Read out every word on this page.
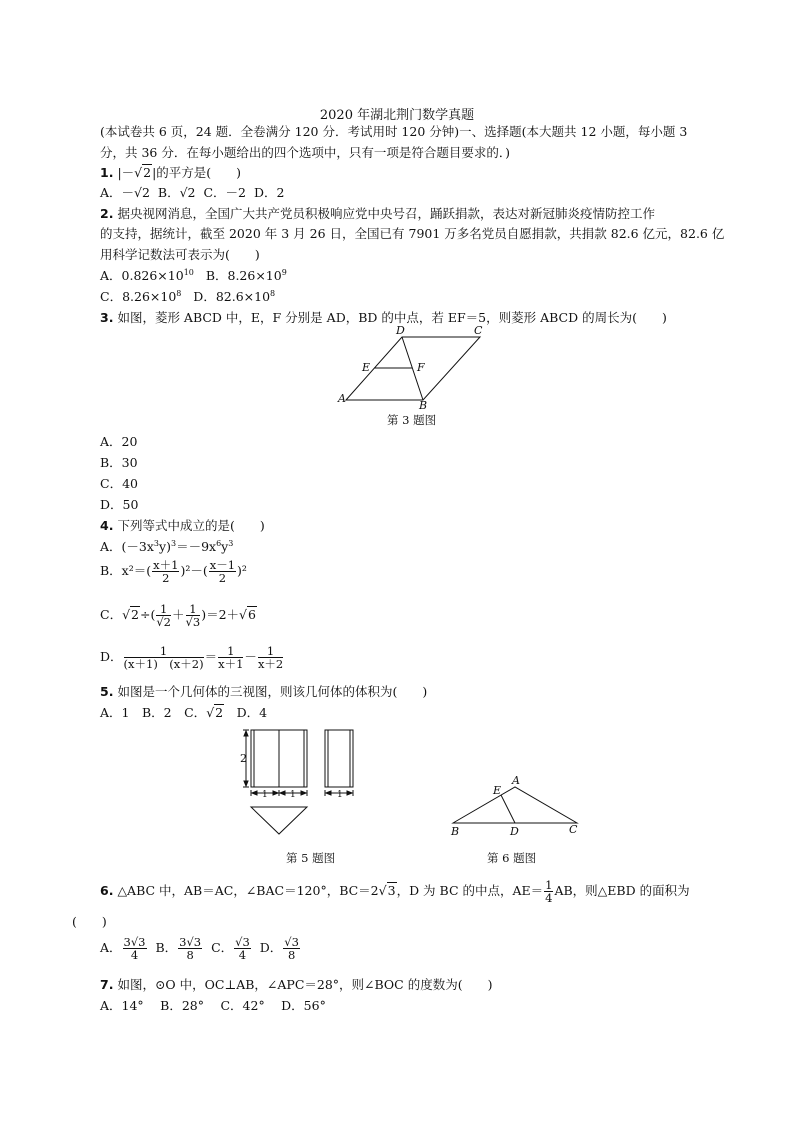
2020 年湖北荆门数学真题
(本试卷共 6 页，24 题．全卷满分 120 分．考试用时 120 分钟)一、选择题(本大题共 12 小题，每小题 3
分，共 36 分．在每小题给出的四个选项中，只有一项是符合题目要求的．)
1. |－√2|的平方是(　　)
A．－√2 B．√2 C．－2 D．2
2. 据央视网消息，全国广大共产党员积极响应党中央号召，踊跃捐款，表达对新冠肺炎疫情防控工作
的支持，据统计，截至 2020 年 3 月 26 日，全国已有 7901 万多名党员自愿捐款，共捐款 82.6 亿元，82.6 亿
用科学记数法可表示为(　　)
A．$0.826\times 10^{10}$ B．$8.26\times 10^9$
C．$8.26\times 10^8$ D．$82.6\times 10^8$
3. 如图，菱形 ABCD 中，E，F 分别是 AD，BD 的中点，若 EF＝5，则菱形 ABCD 的周长为(　　)
D	C
E	F
A
B
第 3 题图
A．20
B．30
C．40
D．50
4. 下列等式中成立的是(　　)
A．$(-3x^3y)^3=-9x^6y^3$
B．$x^2=( \frac{x+1}{2} )^2-( \frac{x-1}{2} )^2$
C．$√2\div( \frac{1}{√2} + \frac{1}{√3} )=2+√6$
D． $\frac{1}{(x+1) (x+2)} = \frac{1}{x+1} - \frac{1}{x+2}$
5. 如图是一个几何体的三视图，则该几何体的体积为(　　)
A．1　B．2　C．√2　D．4
2
1 1	1
第 5 题图
A
E
B	D	C
第 6 题图
6. △ABC 中，AB＝AC，∠BAC＝120°，BC＝2√3，D 为 BC 的中点，$AE= \frac{1}{4}$ AB，则△EBD 的面积为
(　　)
A． $\frac{3√3}{4}$ B． $\frac{3√3}{8}$ C． $\frac{√3}{4}$ D． $\frac{√3}{8}$
7. 如图，⊙O 中，OC⊥AB，∠APC＝28°，则∠BOC 的度数为(　　)
A．14°　 B．28°　 C．42°　 D．56°
